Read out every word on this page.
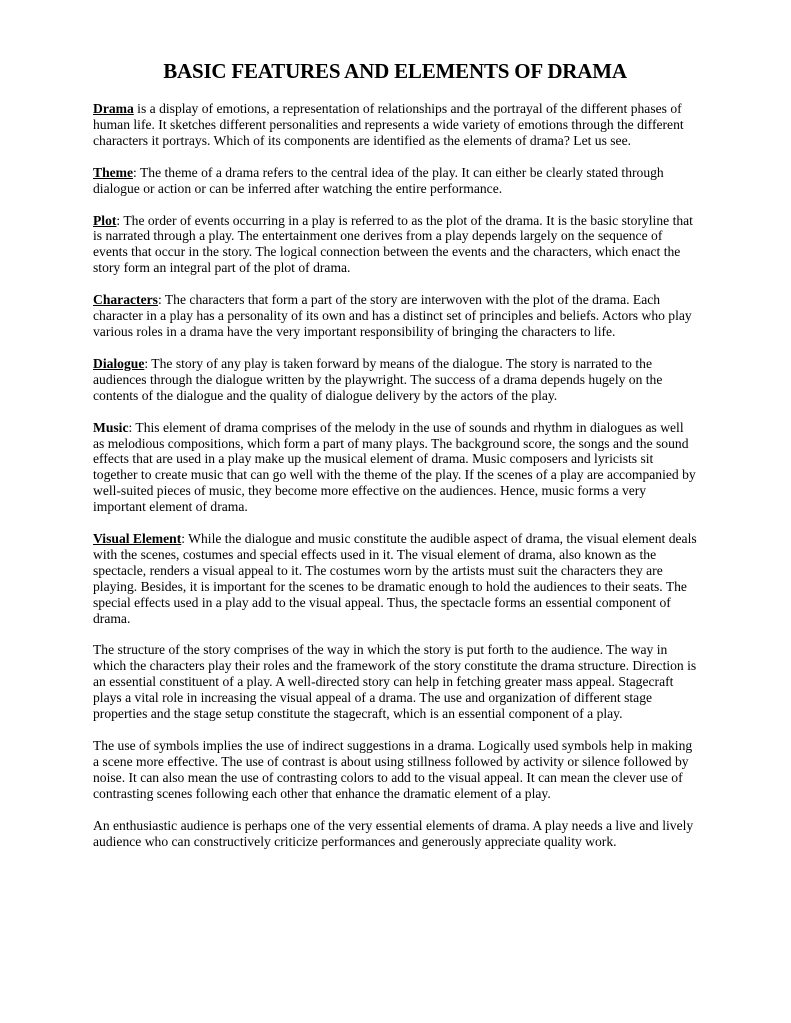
BASIC FEATURES AND ELEMENTS OF DRAMA

Drama is a display of emotions, a representation of relationships and the portrayal of the different phases of human life. It sketches different personalities and represents a wide variety of emotions through the different characters it portrays. Which of its components are identified as the elements of drama? Let us see.

Theme: The theme of a drama refers to the central idea of the play. It can either be clearly stated through dialogue or action or can be inferred after watching the entire performance.

Plot: The order of events occurring in a play is referred to as the plot of the drama. It is the basic storyline that is narrated through a play. The entertainment one derives from a play depends largely on the sequence of events that occur in the story. The logical connection between the events and the characters, which enact the story form an integral part of the plot of drama.

Characters: The characters that form a part of the story are interwoven with the plot of the drama. Each character in a play has a personality of its own and has a distinct set of principles and beliefs. Actors who play various roles in a drama have the very important responsibility of bringing the characters to life.

Dialogue: The story of any play is taken forward by means of the dialogue. The story is narrated to the audiences through the dialogue written by the playwright. The success of a drama depends hugely on the contents of the dialogue and the quality of dialogue delivery by the actors of the play.

Music: This element of drama comprises of the melody in the use of sounds and rhythm in dialogues as well as melodious compositions, which form a part of many plays. The background score, the songs and the sound effects that are used in a play make up the musical element of drama. Music composers and lyricists sit together to create music that can go well with the theme of the play. If the scenes of a play are accompanied by well-suited pieces of music, they become more effective on the audiences. Hence, music forms a very important element of drama.

Visual Element: While the dialogue and music constitute the audible aspect of drama, the visual element deals with the scenes, costumes and special effects used in it. The visual element of drama, also known as the spectacle, renders a visual appeal to it. The costumes worn by the artists must suit the characters they are playing. Besides, it is important for the scenes to be dramatic enough to hold the audiences to their seats. The special effects used in a play add to the visual appeal. Thus, the spectacle forms an essential component of drama.

The structure of the story comprises of the way in which the story is put forth to the audience. The way in which the characters play their roles and the framework of the story constitute the drama structure. Direction is an essential constituent of a play. A well-directed story can help in fetching greater mass appeal. Stagecraft plays a vital role in increasing the visual appeal of a drama. The use and organization of different stage properties and the stage setup constitute the stagecraft, which is an essential component of a play.

The use of symbols implies the use of indirect suggestions in a drama. Logically used symbols help in making a scene more effective. The use of contrast is about using stillness followed by activity or silence followed by noise. It can also mean the use of contrasting colors to add to the visual appeal. It can mean the clever use of contrasting scenes following each other that enhance the dramatic element of a play.

An enthusiastic audience is perhaps one of the very essential elements of drama. A play needs a live and lively audience who can constructively criticize performances and generously appreciate quality work.
